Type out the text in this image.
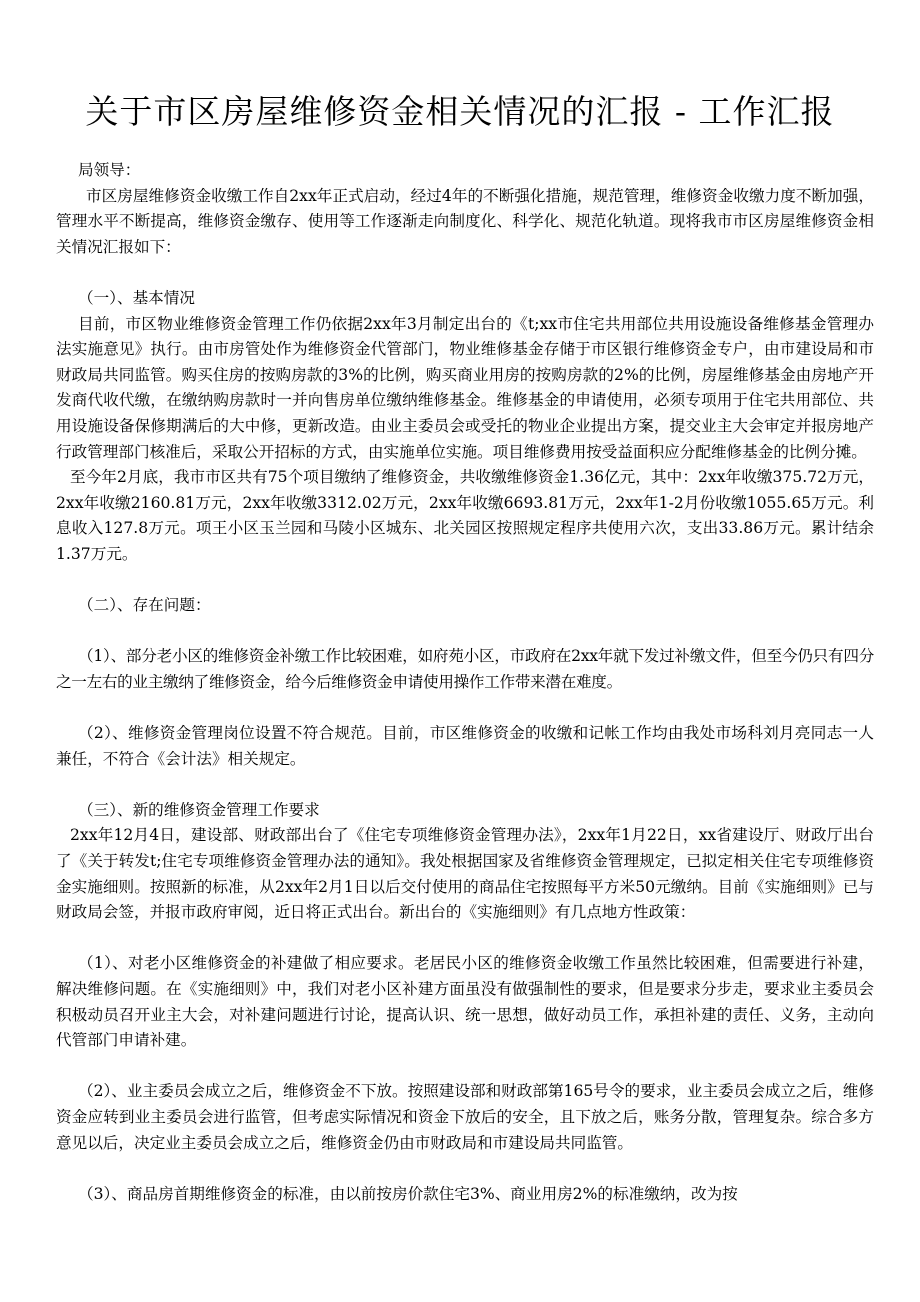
关于市区房屋维修资金相关情况的汇报 - 工作汇报

局领导：

市区房屋维修资金收缴工作自2xx年正式启动，经过4年的不断强化措施，规范管理，维修资金收缴力度不断加强，管理水平不断提高，维修资金缴存、使用等工作逐渐走向制度化、科学化、规范化轨道。现将我市市区房屋维修资金相关情况汇报如下：

（一）、基本情况

目前，市区物业维修资金管理工作仍依据2xx年3月制定出台的《t;xx市住宅共用部位共用设施设备维修基金管理办法实施意见》执行。由市房管处作为维修资金代管部门，物业维修基金存储于市区银行维修资金专户，由市建设局和市财政局共同监管。购买住房的按购房款的3%的比例，购买商业用房的按购房款的2%的比例，房屋维修基金由房地产开发商代收代缴，在缴纳购房款时一并向售房单位缴纳维修基金。维修基金的申请使用，必须专项用于住宅共用部位、共用设施设备保修期满后的大中修，更新改造。由业主委员会或受托的物业企业提出方案，提交业主大会审定并报房地产行政管理部门核准后，采取公开招标的方式，由实施单位实施。项目维修费用按受益面积应分配维修基金的比例分摊。

至今年2月底，我市市区共有75个项目缴纳了维修资金，共收缴维修资金1.36亿元，其中：2xx年收缴375.72万元，2xx年收缴2160.81万元，2xx年收缴3312.02万元，2xx年收缴6693.81万元，2xx年1-2月份收缴1055.65万元。利息收入127.8万元。项王小区玉兰园和马陵小区城东、北关园区按照规定程序共使用六次，支出33.86万元。累计结余1.37万元。

（二）、存在问题：

（1）、部分老小区的维修资金补缴工作比较困难，如府苑小区，市政府在2xx年就下发过补缴文件，但至今仍只有四分之一左右的业主缴纳了维修资金，给今后维修资金申请使用操作工作带来潜在难度。

（2）、维修资金管理岗位设置不符合规范。目前，市区维修资金的收缴和记帐工作均由我处市场科刘月亮同志一人兼任，不符合《会计法》相关规定。

（三）、新的维修资金管理工作要求

2xx年12月4日，建设部、财政部出台了《住宅专项维修资金管理办法》，2xx年1月22日，xx省建设厅、财政厅出台了《关于转发t;住宅专项维修资金管理办法的通知》。我处根据国家及省维修资金管理规定，已拟定相关住宅专项维修资金实施细则。按照新的标准，从2xx年2月1日以后交付使用的商品住宅按照每平方米50元缴纳。目前《实施细则》已与财政局会签，并报市政府审阅，近日将正式出台。新出台的《实施细则》有几点地方性政策：

（1）、对老小区维修资金的补建做了相应要求。老居民小区的维修资金收缴工作虽然比较困难，但需要进行补建，解决维修问题。在《实施细则》中，我们对老小区补建方面虽没有做强制性的要求，但是要求分步走，要求业主委员会积极动员召开业主大会，对补建问题进行讨论，提高认识、统一思想，做好动员工作，承担补建的责任、义务，主动向代管部门申请补建。

（2）、业主委员会成立之后，维修资金不下放。按照建设部和财政部第165号令的要求，业主委员会成立之后，维修资金应转到业主委员会进行监管，但考虑实际情况和资金下放后的安全，且下放之后，账务分散，管理复杂。综合多方意见以后，决定业主委员会成立之后，维修资金仍由市财政局和市建设局共同监管。

（3）、商品房首期维修资金的标准，由以前按房价款住宅3%、商业用房2%的标准缴纳，改为按
